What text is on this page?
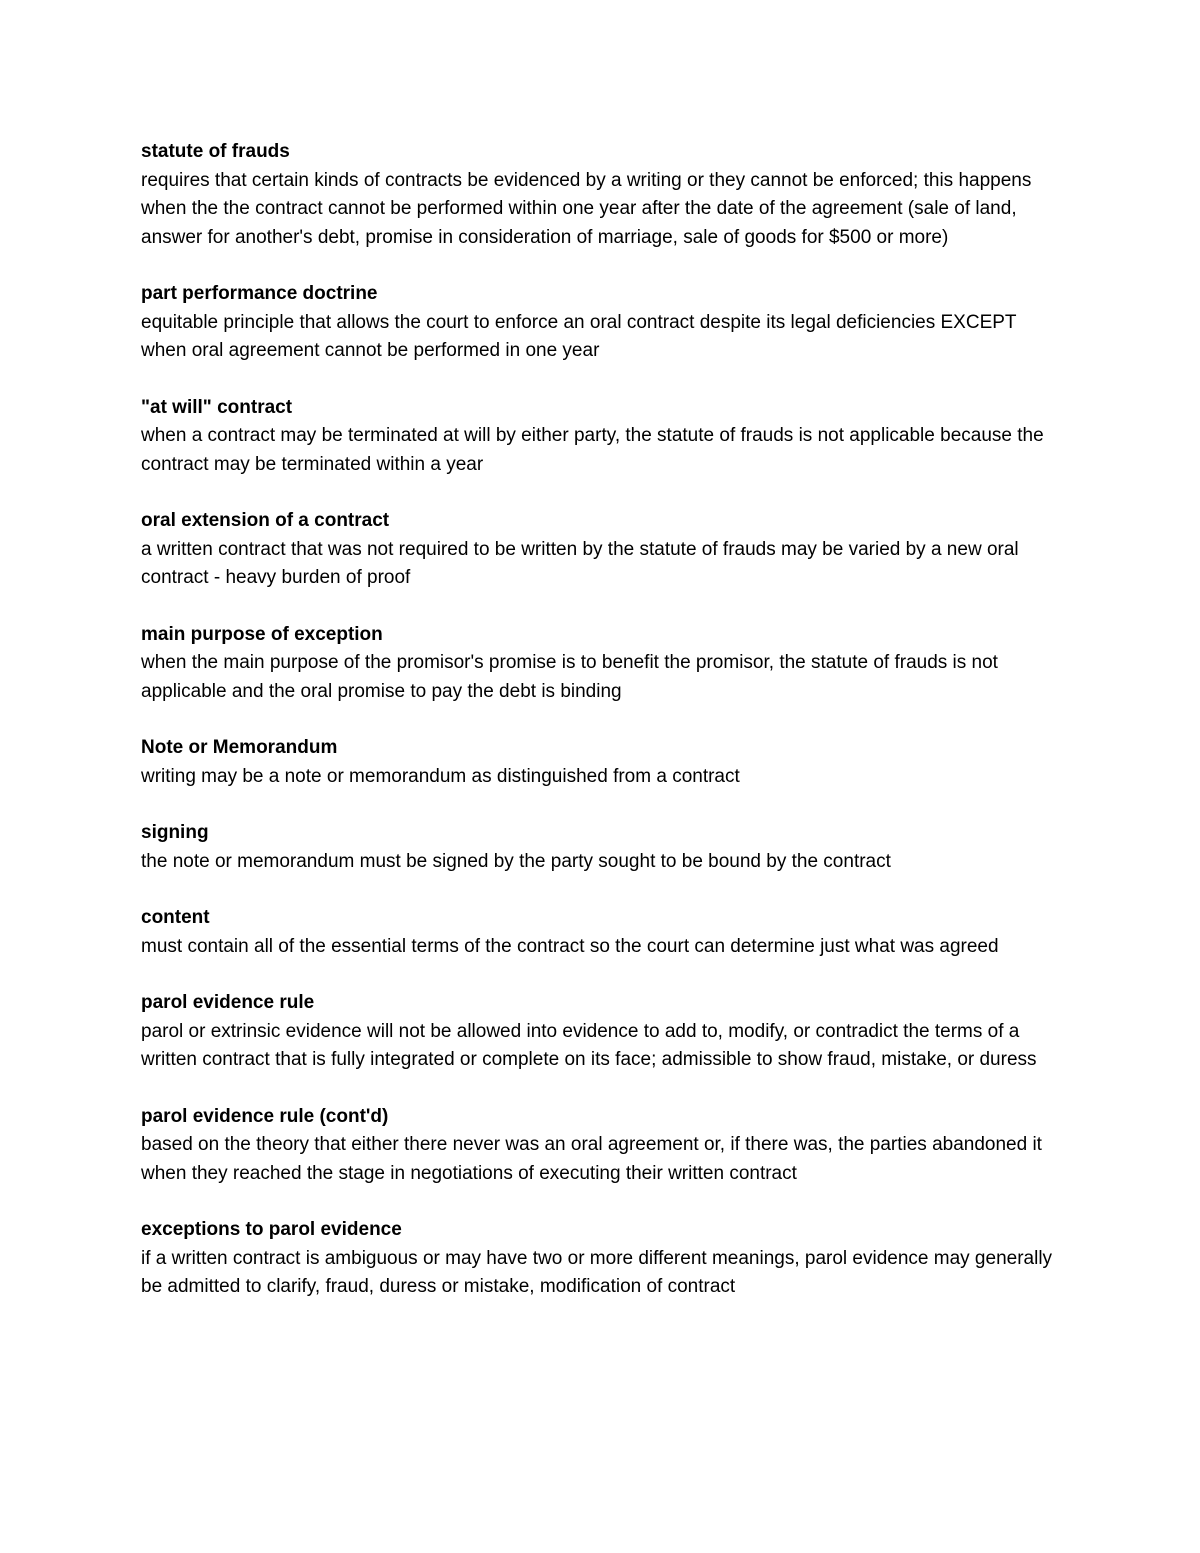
statute of frauds

requires that certain kinds of contracts be evidenced by a writing or they cannot be enforced; this happens when the the contract cannot be performed within one year after the date of the agreement (sale of land, answer for another's debt, promise in consideration of marriage, sale of goods for $500 or more)

part performance doctrine

equitable principle that allows the court to enforce an oral contract despite its legal deficiencies EXCEPT when oral agreement cannot be performed in one year

"at will" contract

when a contract may be terminated at will by either party, the statute of frauds is not applicable because the contract may be terminated within a year

oral extension of a contract

a written contract that was not required to be written by the statute of frauds may be varied by a new oral contract - heavy burden of proof

main purpose of exception

when the main purpose of the promisor's promise is to benefit the promisor, the statute of frauds is not applicable and the oral promise to pay the debt is binding

Note or Memorandum

writing may be a note or memorandum as distinguished from a contract

signing

the note or memorandum must be signed by the party sought to be bound by the contract

content

must contain all of the essential terms of the contract so the court can determine just what was agreed

parol evidence rule

parol or extrinsic evidence will not be allowed into evidence to add to, modify, or contradict the terms of a written contract that is fully integrated or complete on its face; admissible to show fraud, mistake, or duress

parol evidence rule (cont'd)

based on the theory that either there never was an oral agreement or, if there was, the parties abandoned it when they reached the stage in negotiations of executing their written contract

exceptions to parol evidence

if a written contract is ambiguous or may have two or more different meanings, parol evidence may generally be admitted to clarify, fraud, duress or mistake, modification of contract
